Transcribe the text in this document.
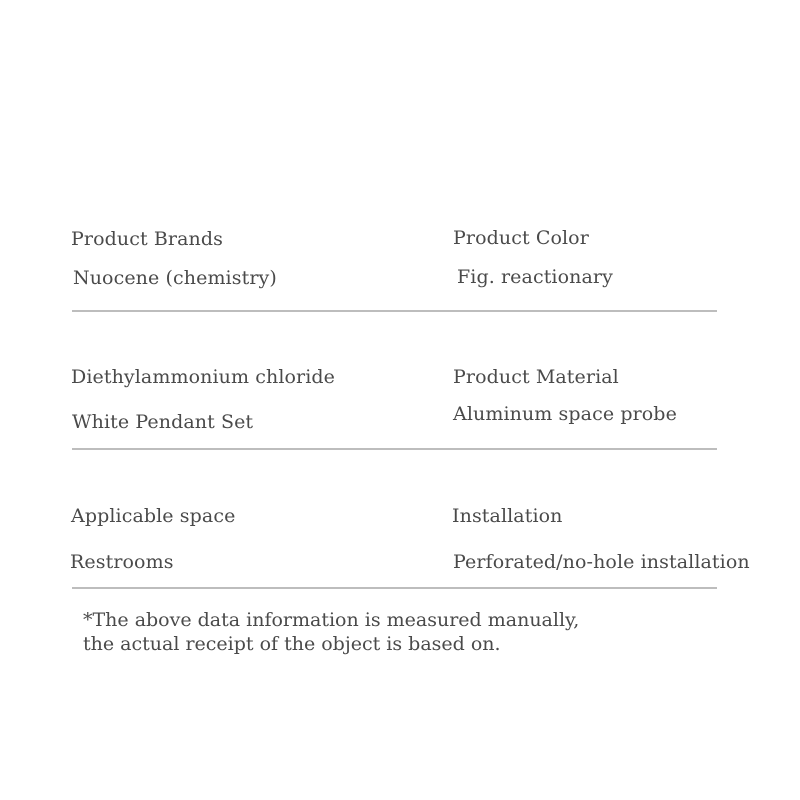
Product Brands
Nuocene (chemistry)
Product Color
Fig. reactionary
Diethylammonium chloride
White Pendant Set
Product Material
Aluminum space probe
Applicable space
Restrooms
Installation
Perforated/no-hole installation
*The above data information is measured manually,
the actual receipt of the object is based on.
